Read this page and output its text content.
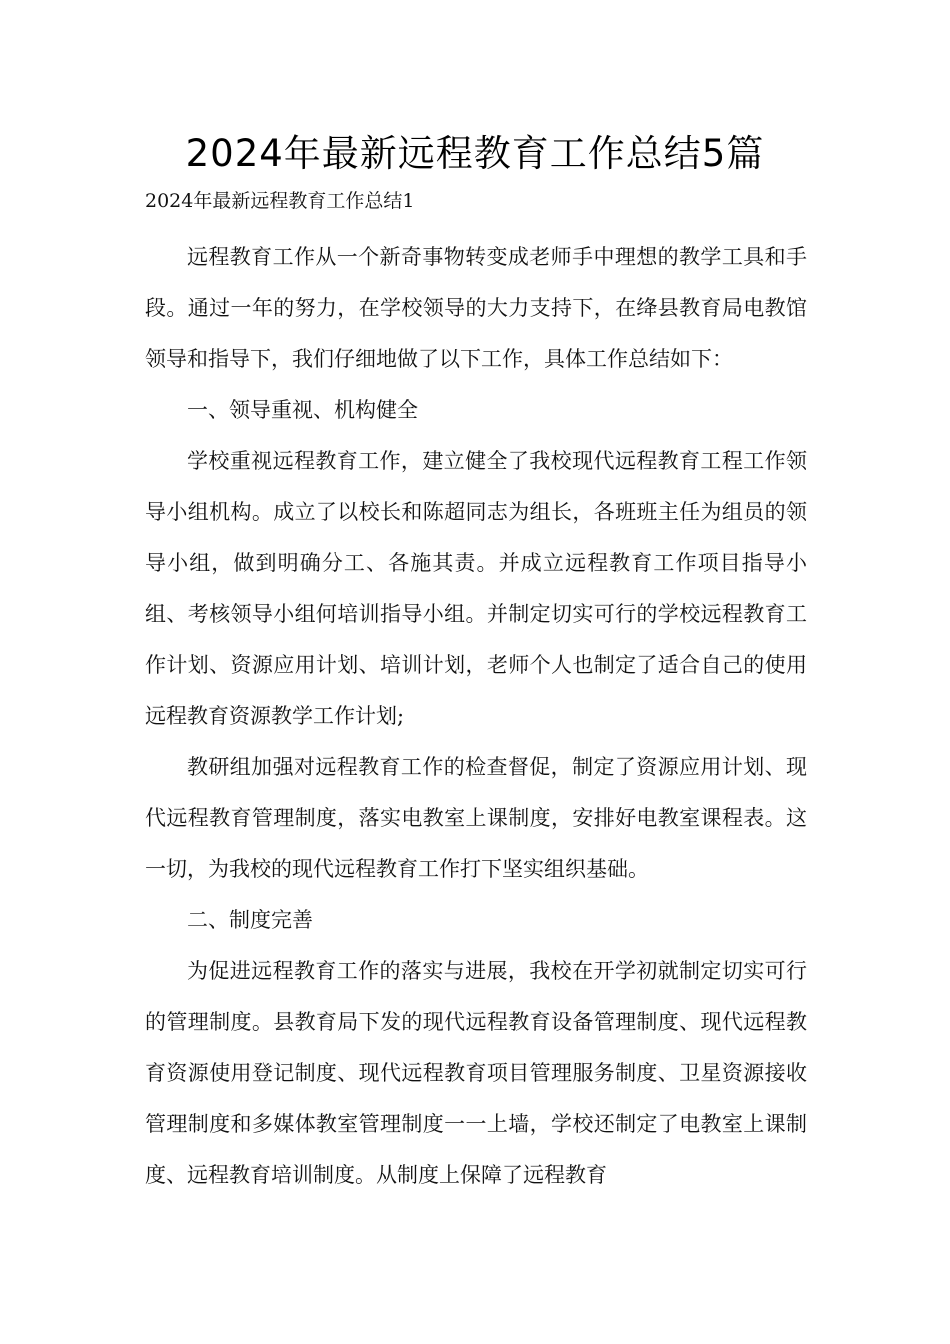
2024年最新远程教育工作总结5篇
2024年最新远程教育工作总结1

远程教育工作从一个新奇事物转变成老师手中理想的教学工具和手段。通过一年的努力，在学校领导的大力支持下，在绛县教育局电教馆领导和指导下，我们仔细地做了以下工作，具体工作总结如下：

一、领导重视、机构健全

学校重视远程教育工作，建立健全了我校现代远程教育工程工作领导小组机构。成立了以校长和陈超同志为组长，各班班主任为组员的领导小组，做到明确分工、各施其责。并成立远程教育工作项目指导小组、考核领导小组何培训指导小组。并制定切实可行的学校远程教育工作计划、资源应用计划、培训计划，老师个人也制定了适合自己的使用远程教育资源教学工作计划;

教研组加强对远程教育工作的检查督促，制定了资源应用计划、现代远程教育管理制度，落实电教室上课制度，安排好电教室课程表。这一切，为我校的现代远程教育工作打下坚实组织基础。

二、制度完善

为促进远程教育工作的落实与进展，我校在开学初就制定切实可行的管理制度。县教育局下发的现代远程教育设备管理制度、现代远程教育资源使用登记制度、现代远程教育项目管理服务制度、卫星资源接收管理制度和多媒体教室管理制度一一上墙，学校还制定了电教室上课制度、远程教育培训制度。从制度上保障了远程教育
